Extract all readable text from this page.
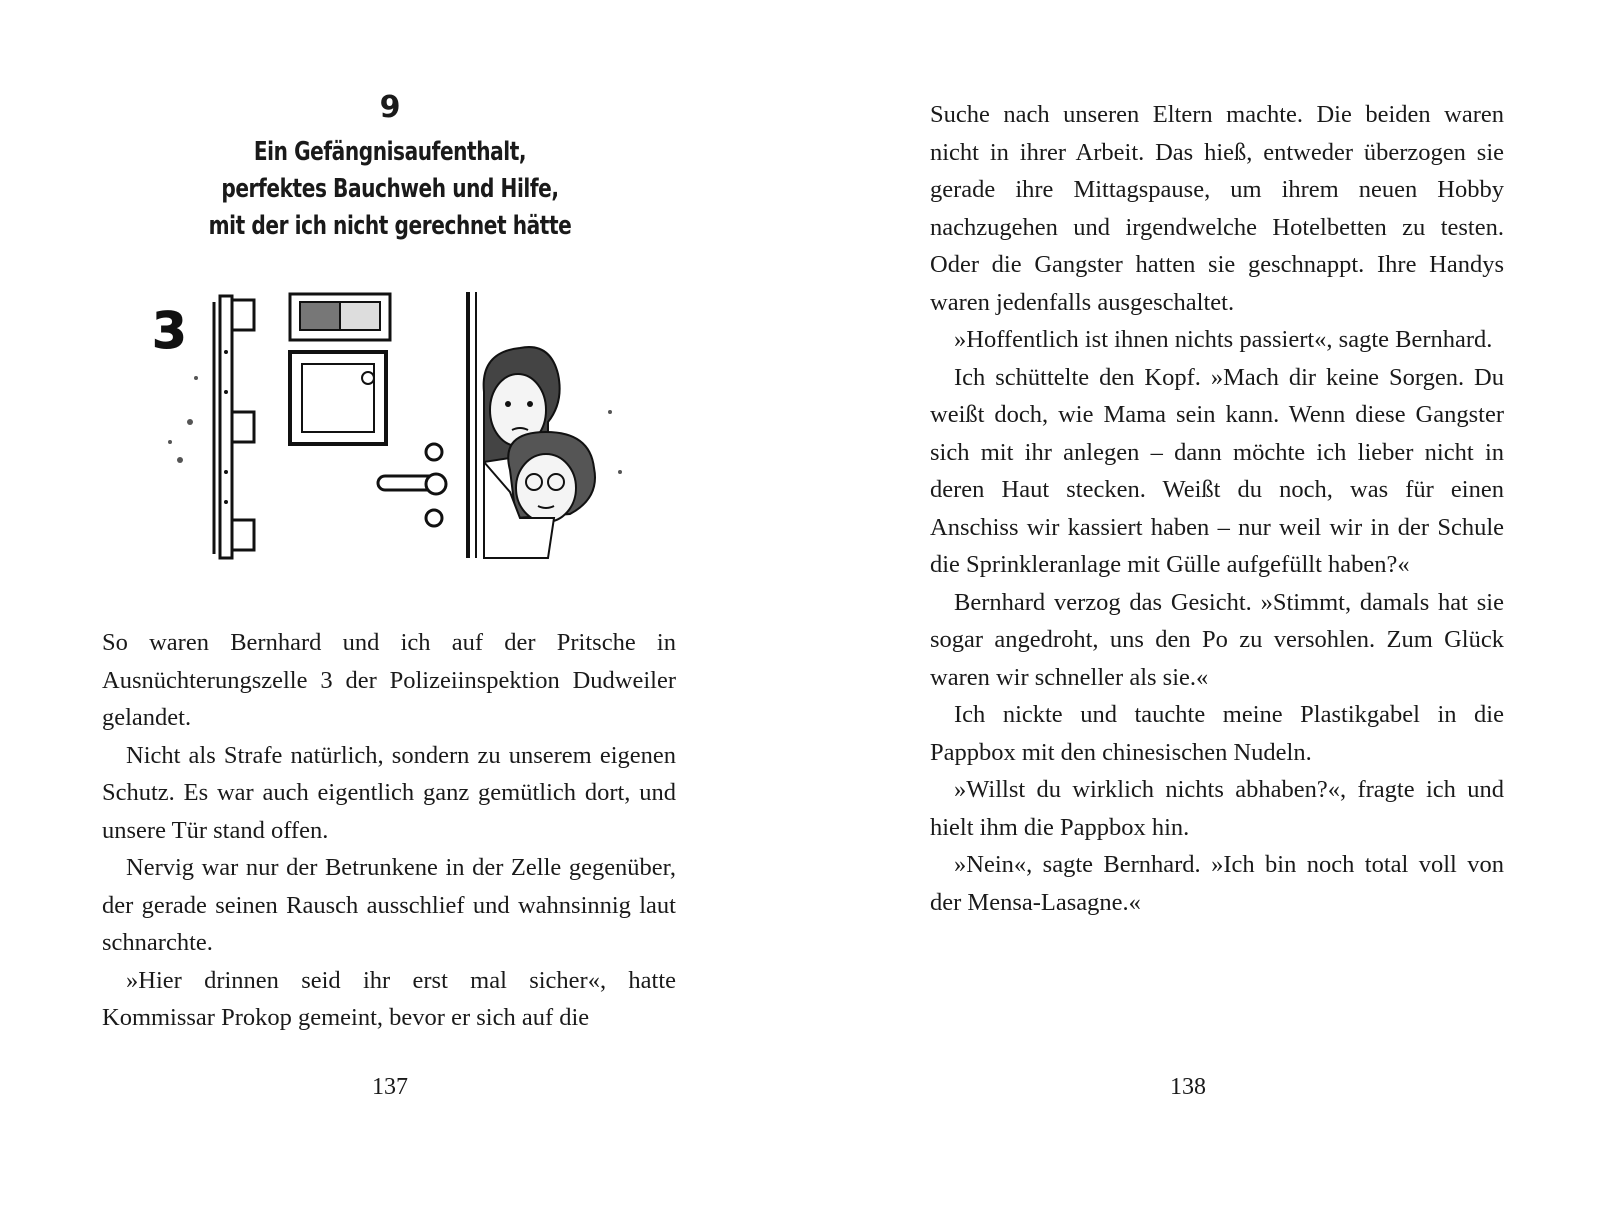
9
Ein Gefängnisaufenthalt,
perfektes Bauchweh und Hilfe,
mit der ich nicht gerechnet hätte
3

So waren Bernhard und ich auf der Pritsche in Ausnüchterungszelle 3 der Polizeiinspektion Dudweiler gelandet.

Nicht als Strafe natürlich, sondern zu unserem eigenen Schutz. Es war auch eigentlich ganz gemütlich dort, und unsere Tür stand offen.

Nervig war nur der Betrunkene in der Zelle gegenüber, der gerade seinen Rausch ausschlief und wahnsinnig laut schnarchte.

»Hier drinnen seid ihr erst mal sicher«, hatte Kommissar Prokop gemeint, bevor er sich auf die

137

Suche nach unseren Eltern machte. Die beiden waren nicht in ihrer Arbeit. Das hieß, entweder überzogen sie gerade ihre Mittagspause, um ihrem neuen Hobby nachzugehen und irgendwelche Hotelbetten zu testen. Oder die Gangster hatten sie geschnappt. Ihre Handys waren jedenfalls ausgeschaltet.

»Hoffentlich ist ihnen nichts passiert«, sagte Bernhard.

Ich schüttelte den Kopf. »Mach dir keine Sorgen. Du weißt doch, wie Mama sein kann. Wenn diese Gangster sich mit ihr anlegen – dann möchte ich lieber nicht in deren Haut stecken. Weißt du noch, was für einen Anschiss wir kassiert haben – nur weil wir in der Schule die Sprinkleranlage mit Gülle aufgefüllt haben?«

Bernhard verzog das Gesicht. »Stimmt, damals hat sie sogar angedroht, uns den Po zu versohlen. Zum Glück waren wir schneller als sie.«

Ich nickte und tauchte meine Plastikgabel in die Pappbox mit den chinesischen Nudeln.

»Willst du wirklich nichts abhaben?«, fragte ich und hielt ihm die Pappbox hin.

»Nein«, sagte Bernhard. »Ich bin noch total voll von der Mensa-Lasagne.«

138
